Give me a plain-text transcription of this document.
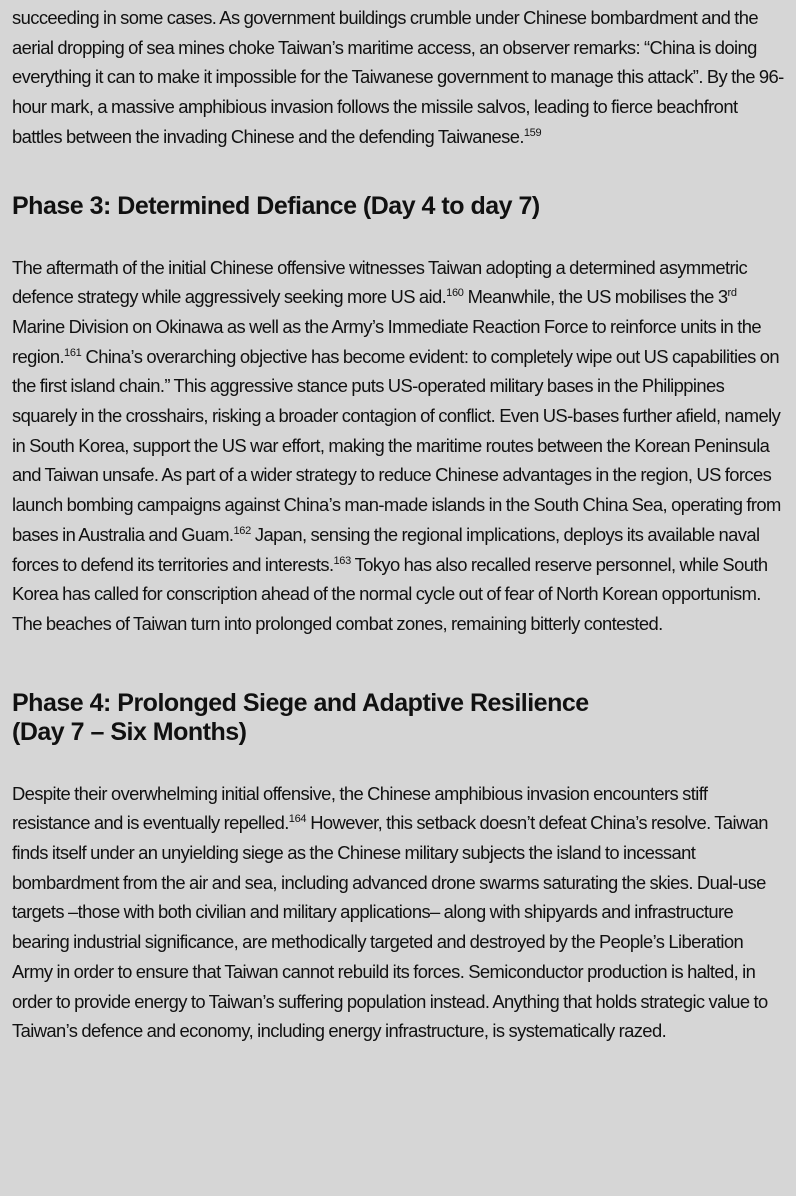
succeeding in some cases. As government buildings crumble under Chinese bombardment and the aerial dropping of sea mines choke Taiwan’s maritime access, an observer remarks: “China is doing everything it can to make it impossible for the Taiwanese government to manage this attack”. By the 96-hour mark, a massive amphibious invasion follows the missile salvos, leading to fierce beachfront battles between the invading Chinese and the defending Taiwanese.$^{159}$

Phase 3: Determined Defiance (Day 4 to day 7)

The aftermath of the initial Chinese offensive witnesses Taiwan adopting a determined asymmetric defence strategy while aggressively seeking more US aid.$^{160}$ Meanwhile, the US mobilises the 3rd Marine Division on Okinawa as well as the Army’s Immediate Reaction Force to reinforce units in the region.$^{161}$ China’s overarching objective has become evident: to completely wipe out US capabilities on the first island chain.” This aggressive stance puts US-operated military bases in the Philippines squarely in the crosshairs, risking a broader contagion of conflict. Even US-bases further afield, namely in South Korea, support the US war effort, making the maritime routes between the Korean Peninsula and Taiwan unsafe. As part of a wider strategy to reduce Chinese advantages in the region, US forces launch bombing campaigns against China’s man-made islands in the South China Sea, operating from bases in Australia and Guam.$^{162}$ Japan, sensing the regional implications, deploys its available naval forces to defend its territories and interests.$^{163}$ Tokyo has also recalled reserve personnel, while South Korea has called for conscription ahead of the normal cycle out of fear of North Korean opportunism. The beaches of Taiwan turn into prolonged combat zones, remaining bitterly contested.

Phase 4: Prolonged Siege and Adaptive Resilience
(Day 7 – Six Months)

Despite their overwhelming initial offensive, the Chinese amphibious invasion encounters stiff resistance and is eventually repelled.$^{164}$ However, this setback doesn’t defeat China’s resolve. Taiwan finds itself under an unyielding siege as the Chinese military subjects the island to incessant bombardment from the air and sea, including advanced drone swarms saturating the skies. Dual-use targets –those with both civilian and military applications– along with shipyards and infrastructure bearing industrial significance, are methodically targeted and destroyed by the People’s Liberation Army in order to ensure that Taiwan cannot rebuild its forces. Semiconductor production is halted, in order to provide energy to Taiwan’s suffering population instead. Anything that holds strategic value to Taiwan’s defence and economy, including energy infrastructure, is systematically razed.
